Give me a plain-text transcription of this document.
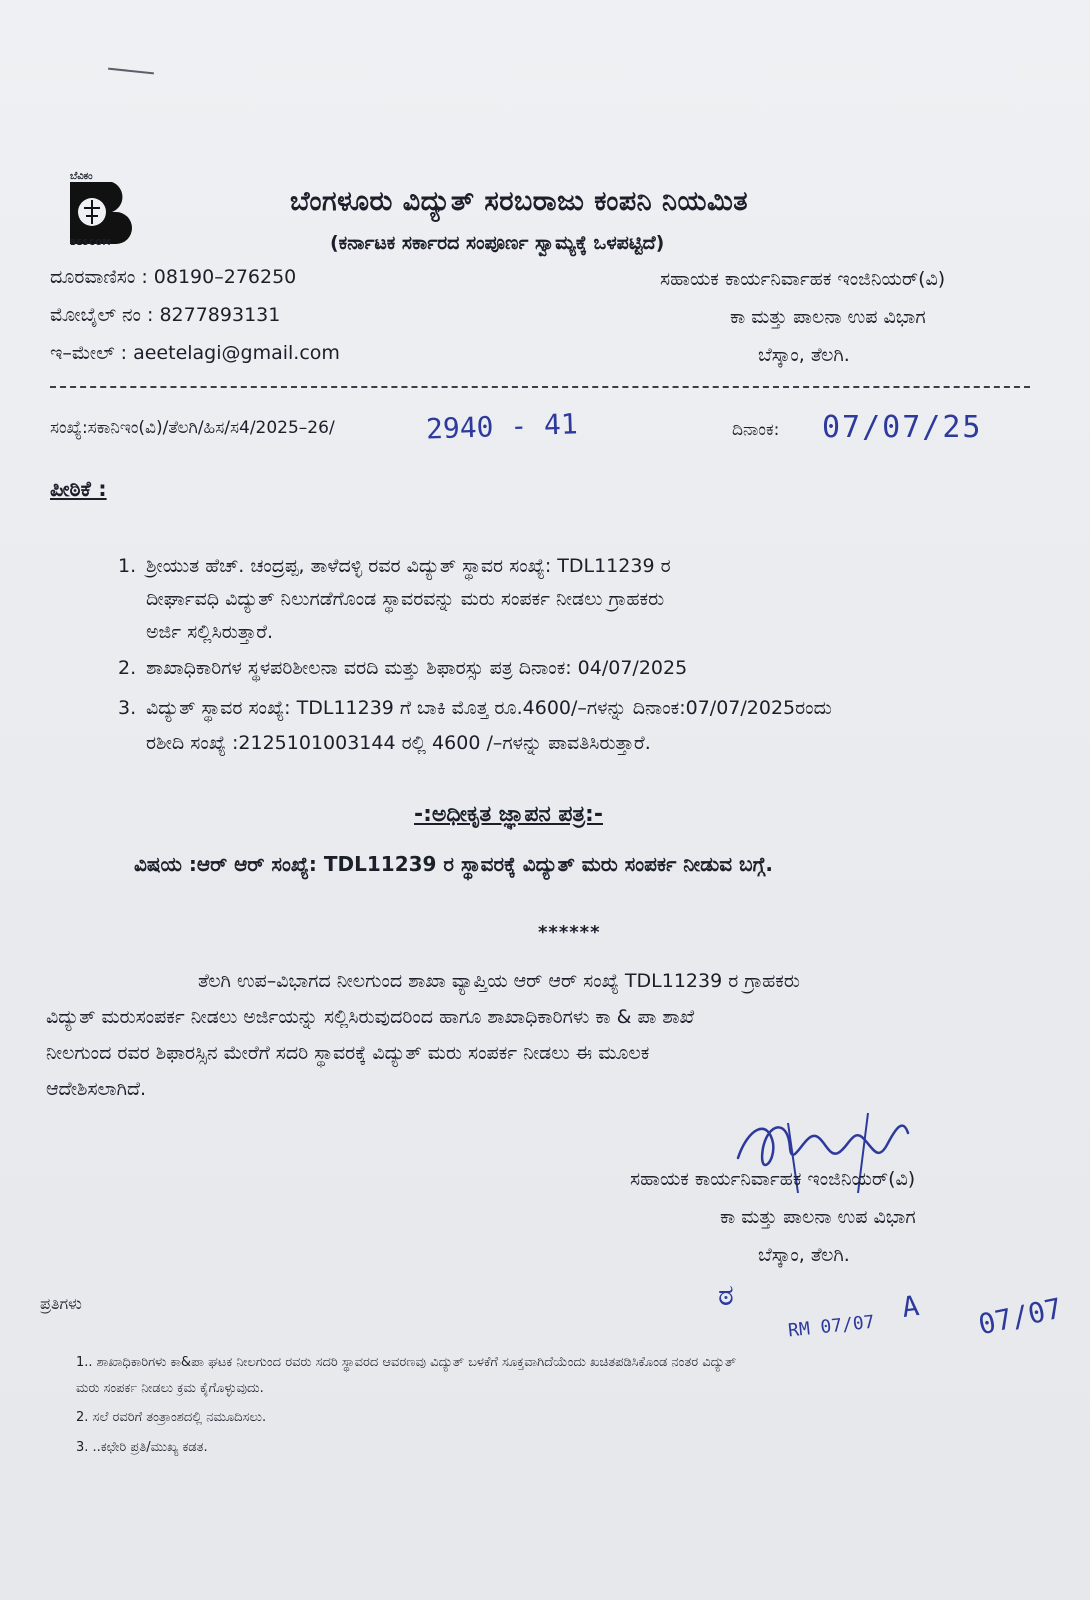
ಬೆವಿಕಂ
BESCOM
ಬೆಂಗಳೂರು ವಿದ್ಯುತ್ ಸರಬರಾಜು ಕಂಪನಿ ನಿಯಮಿತ
(ಕರ್ನಾಟಕ ಸರ್ಕಾರದ ಸಂಪೂರ್ಣ ಸ್ವಾಮ್ಯಕ್ಕೆ ಒಳಪಟ್ಟಿದೆ)
ದೂರವಾಣಿಸಂ : 08190–276250
ಮೋಬೈಲ್ ನಂ : 8277893131
ಇ–ಮೇಲ್ : aeetelagi@gmail.com
ಸಹಾಯಕ ಕಾರ್ಯನಿರ್ವಾಹಕ ಇಂಜಿನಿಯರ್(ವಿ)
ಕಾ ಮತ್ತು ಪಾಲನಾ ಉಪ ವಿಭಾಗ
ಬೆಸ್ಕಾಂ, ತೆಲಗಿ.
ಸಂಖ್ಯೆ:ಸಕಾನಿಇಂ(ವಿ)/ತೆಲಗಿ/ಹಿಸ/ಸ4/2025–26/	2940 - 41	ದಿನಾಂಕ: 07/07/25
ಪೀಠಿಕೆ :
1. ಶ್ರೀಯುತ ಹೆಚ್. ಚಂದ್ರಪ್ಪ, ತಾಳೆದಳ್ಳಿ ರವರ ವಿದ್ಯುತ್ ಸ್ಥಾವರ ಸಂಖ್ಯೆ: TDL11239 ರ
ದೀರ್ಘಾವಧಿ ವಿದ್ಯುತ್ ನಿಲುಗಡೆಗೊಂಡ ಸ್ಥಾವರವನ್ನು ಮರು ಸಂಪರ್ಕ ನೀಡಲು ಗ್ರಾಹಕರು
ಅರ್ಜಿ ಸಲ್ಲಿಸಿರುತ್ತಾರೆ.
2. ಶಾಖಾಧಿಕಾರಿಗಳ ಸ್ಥಳಪರಿಶೀಲನಾ ವರದಿ ಮತ್ತು ಶಿಫಾರಸ್ಸು ಪತ್ರ ದಿನಾಂಕ: 04/07/2025
3. ವಿದ್ಯುತ್ ಸ್ಥಾವರ ಸಂಖ್ಯೆ: TDL11239 ಗೆ ಬಾಕಿ ಮೊತ್ತ ರೂ.4600/–ಗಳನ್ನು ದಿನಾಂಕ:07/07/2025ರಂದು
ರಶೀದಿ ಸಂಖ್ಯೆ :2125101003144 ರಲ್ಲಿ 4600 /–ಗಳನ್ನು ಪಾವತಿಸಿರುತ್ತಾರೆ.
-:ಅಧೀಕೃತ ಜ್ಞಾಪನ ಪತ್ರ:-
ವಿಷಯ :ಆರ್ ಆರ್ ಸಂಖ್ಯೆ: TDL11239 ರ ಸ್ಥಾವರಕ್ಕೆ ವಿದ್ಯುತ್ ಮರು ಸಂಪರ್ಕ ನೀಡುವ ಬಗ್ಗೆ.
******
ತೆಲಗಿ ಉಪ–ವಿಭಾಗದ ನೀಲಗುಂದ ಶಾಖಾ ವ್ಯಾಪ್ತಿಯ ಆರ್ ಆರ್ ಸಂಖ್ಯೆ TDL11239 ರ ಗ್ರಾಹಕರು
ವಿದ್ಯುತ್ ಮರುಸಂಪರ್ಕ ನೀಡಲು ಅರ್ಜಿಯನ್ನು ಸಲ್ಲಿಸಿರುವುದರಿಂದ ಹಾಗೂ ಶಾಖಾಧಿಕಾರಿಗಳು ಕಾ & ಪಾ ಶಾಖೆ
ನೀಲಗುಂದ ರವರ ಶಿಫಾರಸ್ಸಿನ ಮೇರೆಗೆ ಸದರಿ ಸ್ಥಾವರಕ್ಕೆ ವಿದ್ಯುತ್ ಮರು ಸಂಪರ್ಕ ನೀಡಲು ಈ ಮೂಲಕ
ಆದೇಶಿಸಲಾಗಿದೆ.
ಸಹಾಯಕ ಕಾರ್ಯನಿರ್ವಾಹಕ ಇಂಜಿನಿಯರ್(ವಿ)
ಕಾ ಮತ್ತು ಪಾಲನಾ ಉಪ ವಿಭಾಗ
ಬೆಸ್ಕಾಂ, ತೆಲಗಿ.
ಠ	A 07/07
RM 07/07
ಪ್ರತಿಗಳು
1.. ಶಾಖಾಧಿಕಾರಿಗಳು ಕಾ&ಪಾ ಘಟಕ ನೀಲಗುಂದ ರವರು ಸದರಿ ಸ್ಥಾವರದ ಆವರಣವು ವಿದ್ಯುತ್ ಬಳಕೆಗೆ ಸೂಕ್ತವಾಗಿದೆಯೆಂದು ಖಚಿತಪಡಿಸಿಕೊಂಡ ನಂತರ ವಿದ್ಯುತ್
ಮರು ಸಂಪರ್ಕ ನೀಡಲು ಕ್ರಮ ಕೈಗೊಳ್ಳುವುದು.
2. ಸಲೆ ರವರಿಗೆ ತಂತ್ರಾಂಶದಲ್ಲಿ ನಮೂದಿಸಲು.
3. ..ಕಛೇರಿ ಪ್ರತಿ/ಮುಖ್ಯ ಕಡತ.
